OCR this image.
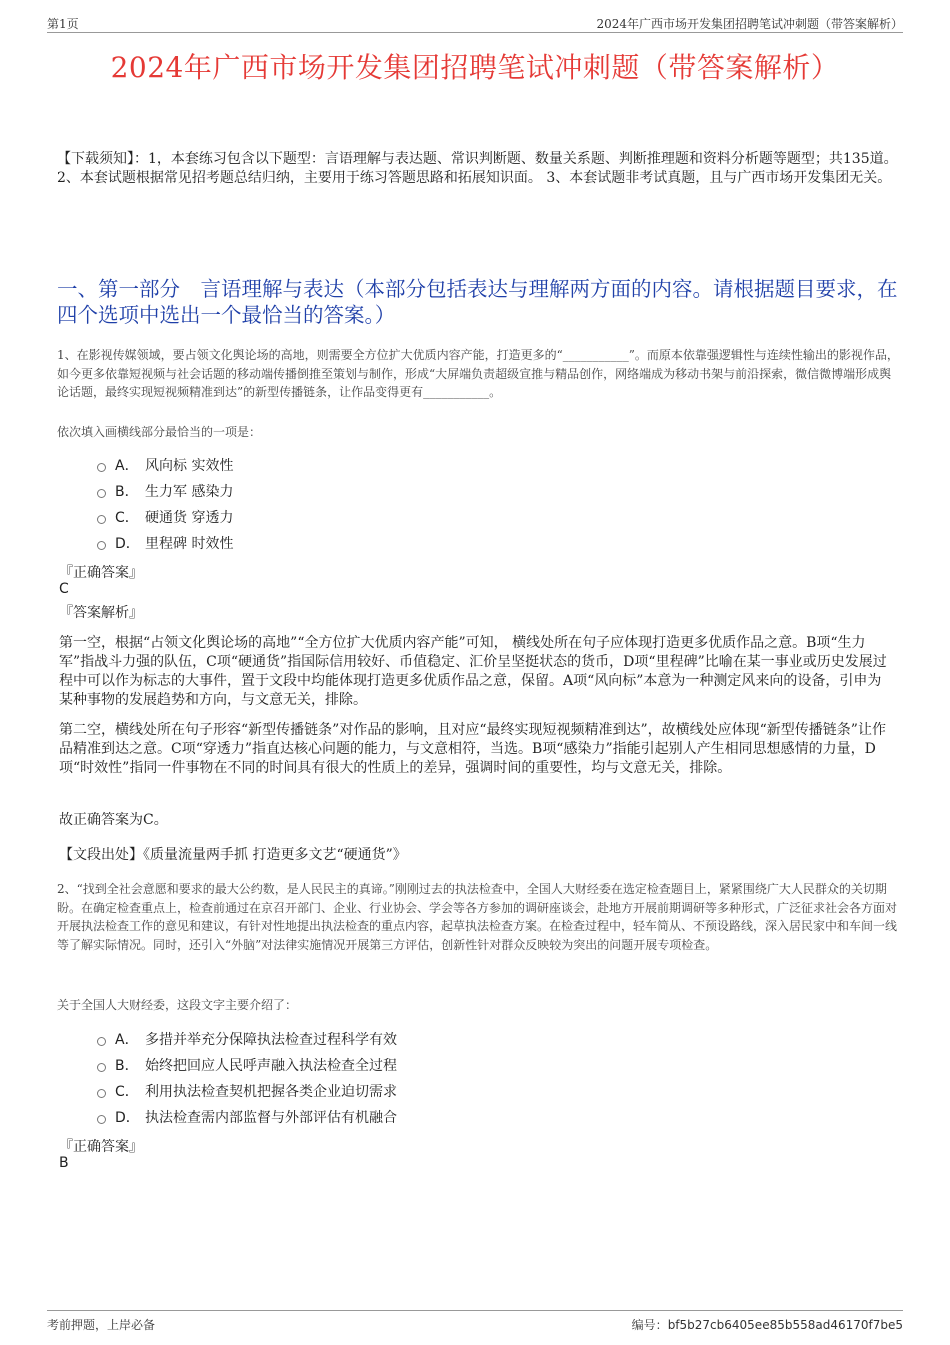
第1页	2024年广西市场开发集团招聘笔试冲刺题（带答案解析）
2024年广西市场开发集团招聘笔试冲刺题（带答案解析）
【下载须知】：1，本套练习包含以下题型：言语理解与表达题、常识判断题、数量关系题、判断推理题和资料分析题等题型；共135道。 2、本套试题根据常见招考题总结归纳，主要用于练习答题思路和拓展知识面。 3、本套试题非考试真题，且与广西市场开发集团无关。
一、第一部分　言语理解与表达（本部分包括表达与理解两方面的内容。请根据题目要求，在四个选项中选出一个最恰当的答案。）
1、在影视传媒领域，要占领文化舆论场的高地，则需要全方位扩大优质内容产能，打造更多的“___________”。而原本依靠强逻辑性与连续性输出的影视作品，如今更多依靠短视频与社会话题的移动端传播倒推至策划与制作，形成“大屏端负责超级宣推与精品创作，网络端成为移动书架与前沿探索，微信微博端形成舆论话题，最终实现短视频精准到达”的新型传播链条，让作品变得更有___________。
依次填入画横线部分最恰当的一项是：
A． 风向标 实效性
B． 生力军 感染力
C． 硬通货 穿透力
D． 里程碑 时效性
『正确答案』
C
『答案解析』
第一空，根据“占领文化舆论场的高地”“全方位扩大优质内容产能”可知， 横线处所在句子应体现打造更多优质作品之意。B项“生力军”指战斗力强的队伍，C项“硬通货”指国际信用较好、币值稳定、汇价呈坚挺状态的货币，D项“里程碑”比喻在某一事业或历史发展过程中可以作为标志的大事件，置于文段中均能体现打造更多优质作品之意，保留。A项“风向标”本意为一种测定风来向的设备，引申为某种事物的发展趋势和方向，与文意无关，排除。
第二空，横线处所在句子形容“新型传播链条”对作品的影响，且对应“最终实现短视频精准到达”，故横线处应体现“新型传播链条”让作品精准到达之意。C项“穿透力”指直达核心问题的能力，与文意相符，当选。B项“感染力”指能引起别人产生相同思想感情的力量，D项“时效性”指同一件事物在不同的时间具有很大的性质上的差异，强调时间的重要性，均与文意无关，排除。
故正确答案为C。
【文段出处】《质量流量两手抓 打造更多文艺“硬通货”》
2、“找到全社会意愿和要求的最大公约数，是人民民主的真谛。”刚刚过去的执法检查中，全国人大财经委在选定检查题目上，紧紧围绕广大人民群众的关切期盼。在确定检查重点上，检查前通过在京召开部门、企业、行业协会、学会等各方参加的调研座谈会，赴地方开展前期调研等多种形式，广泛征求社会各方面对开展执法检查工作的意见和建议，有针对性地提出执法检查的重点内容，起草执法检查方案。在检查过程中，轻车简从、不预设路线，深入居民家中和车间一线等了解实际情况。同时，还引入“外脑”对法律实施情况开展第三方评估，创新性针对群众反映较为突出的问题开展专项检查。
关于全国人大财经委，这段文字主要介绍了：
A． 多措并举充分保障执法检查过程科学有效
B． 始终把回应人民呼声融入执法检查全过程
C． 利用执法检查契机把握各类企业迫切需求
D． 执法检查需内部监督与外部评估有机融合
『正确答案』
B
考前押题，上岸必备	编号：bf5b27cb6405ee85b558ad46170f7be5
